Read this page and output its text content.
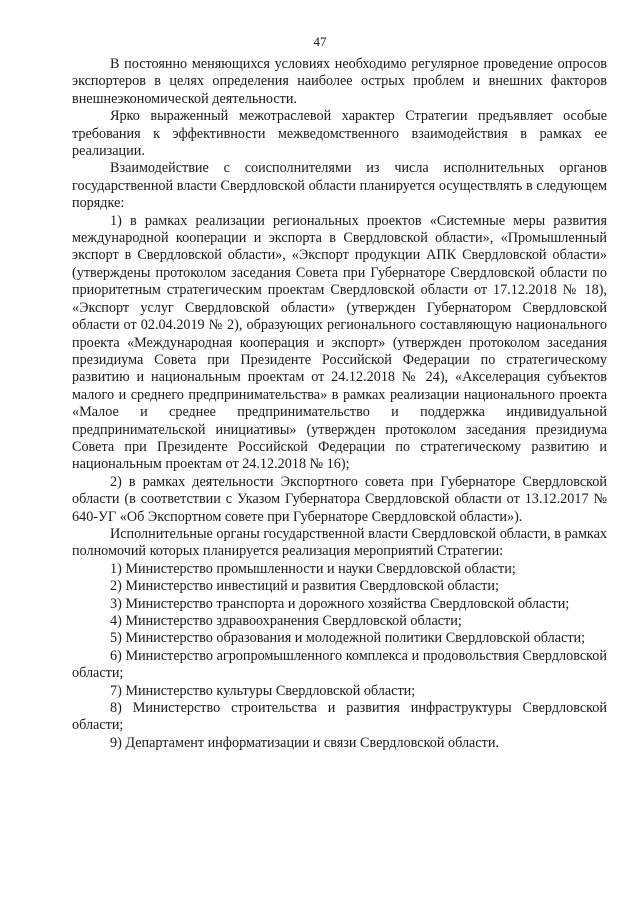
47

В постоянно меняющихся условиях необходимо регулярное проведение опросов экспортеров в целях определения наиболее острых проблем и внешних факторов внешнеэкономической деятельности.

Ярко выраженный межотраслевой характер Стратегии предъявляет особые требования к эффективности межведомственного взаимодействия в рамках ее реализации.

Взаимодействие с соисполнителями из числа исполнительных органов государственной власти Свердловской области планируется осуществлять в следующем порядке:

1) в рамках реализации региональных проектов «Системные меры развития международной кооперации и экспорта в Свердловской области», «Промышленный экспорт в Свердловской области», «Экспорт продукции АПК Свердловской области» (утверждены протоколом заседания Совета при Губернаторе Свердловской области по приоритетным стратегическим проектам Свердловской области от 17.12.2018 № 18), «Экспорт услуг Свердловской области» (утвержден Губернатором Свердловской области от 02.04.2019 № 2), образующих регионального составляющую национального проекта «Международная кооперация и экспорт» (утвержден протоколом заседания президиума Совета при Президенте Российской Федерации по стратегическому развитию и национальным проектам от 24.12.2018 № 24), «Акселерация субъектов малого и среднего предпринимательства» в рамках реализации национального проекта «Малое и среднее предпринимательство и поддержка индивидуальной предпринимательской инициативы» (утвержден протоколом заседания президиума Совета при Президенте Российской Федерации по стратегическому развитию и национальным проектам от 24.12.2018 № 16);

2) в рамках деятельности Экспортного совета при Губернаторе Свердловской области (в соответствии с Указом Губернатора Свердловской области от 13.12.2017 № 640-УГ «Об Экспортном совете при Губернаторе Свердловской области»).

Исполнительные органы государственной власти Свердловской области, в рамках полномочий которых планируется реализация мероприятий Стратегии:

1) Министерство промышленности и науки Свердловской области;

2) Министерство инвестиций и развития Свердловской области;

3) Министерство транспорта и дорожного хозяйства Свердловской области;

4) Министерство здравоохранения Свердловской области;

5) Министерство образования и молодежной политики Свердловской области;

6) Министерство агропромышленного комплекса и продовольствия Свердловской области;

7) Министерство культуры Свердловской области;

8) Министерство строительства и развития инфраструктуры Свердловской области;

9) Департамент информатизации и связи Свердловской области.
